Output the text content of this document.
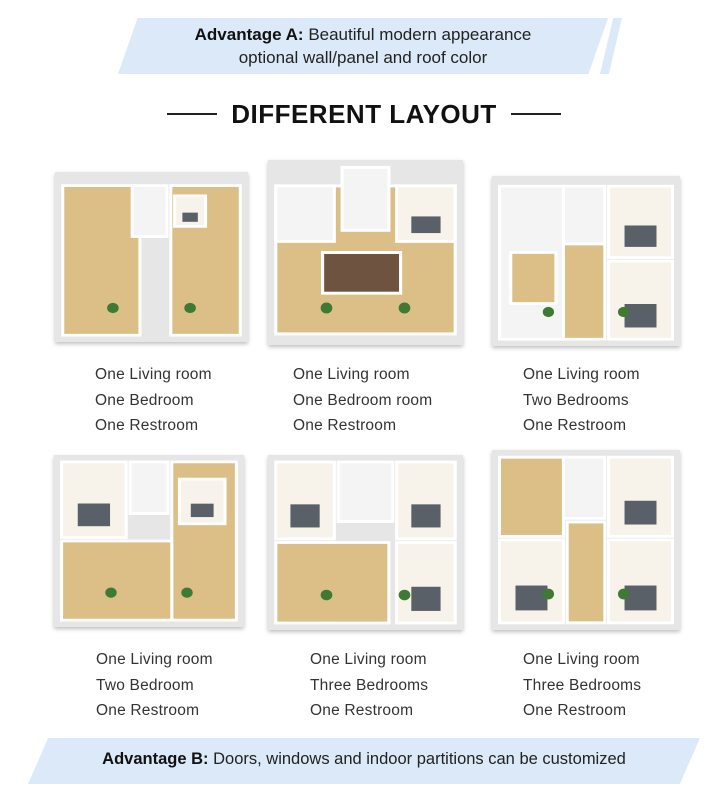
Advantage A: Beautiful modern appearance
optional wall/panel and roof color
DIFFERENT LAYOUT
One Living room
One Bedroom
One Restroom
One Living room
One Bedroom room
One Restroom
One Living room
Two Bedrooms
One Restroom
One Living room
Two Bedroom
One Restroom
One Living room
Three Bedrooms
One Restroom
One Living room
Three Bedrooms
One Restroom
Advantage B: Doors, windows and indoor partitions can be customized
